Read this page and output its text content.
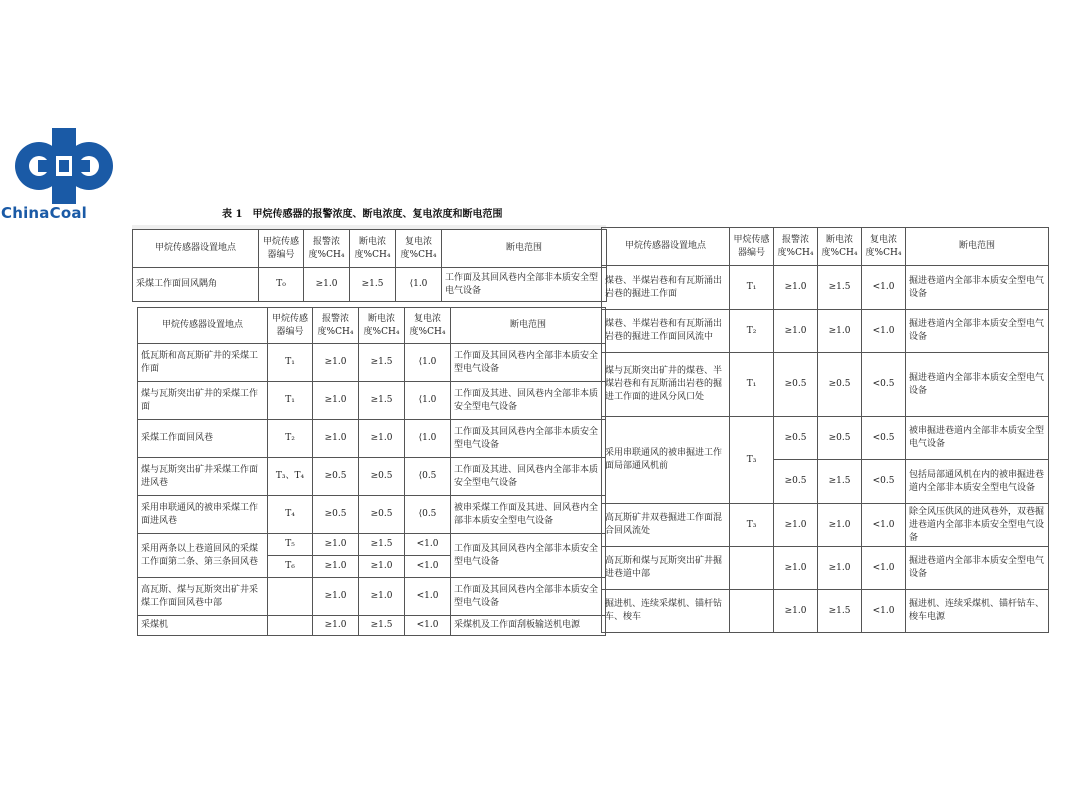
ChinaCoal	表 1　甲烷传感器的报警浓度、断电浓度、复电浓度和断电范围
甲烷传感器设置地点	甲烷传感器编号	报警浓度%CH₄	断电浓度%CH₄	复电浓度%CH₄	断电范围
采煤工作面回风隅角	T₀	≥1.0	≥1.5	⟨1.0	工作面及其回风巷内全部非本质安全型电气设备
甲烷传感器设置地点	甲烷传感器编号	报警浓度%CH₄	断电浓度%CH₄	复电浓度%CH₄	断电范围
低瓦斯和高瓦斯矿井的采煤工作面	T₁	≥1.0	≥1.5	⟨1.0	工作面及其回风巷内全部非本质安全型电气设备
煤与瓦斯突出矿井的采煤工作面	T₁	≥1.0	≥1.5	⟨1.0	工作面及其进、回风巷内全部非本质安全型电气设备
采煤工作面回风巷	T₂	≥1.0	≥1.0	⟨1.0	工作面及其回风巷内全部非本质安全型电气设备
煤与瓦斯突出矿井采煤工作面进风巷	T₃、T₄	≥0.5	≥0.5	⟨0.5	工作面及其进、回风巷内全部非本质安全型电气设备
采用串联通风的被串采煤工作面进风巷	T₄	≥0.5	≥0.5	⟨0.5	被串采煤工作面及其进、回风巷内全部非本质安全型电气设备
采用两条以上巷道回风的采煤工作面第二条、第三条回风巷	T₅	≥1.0	≥1.5	<1.0	工作面及其回风巷内全部非本质安全型电气设备
	T₆	≥1.0	≥1.0	<1.0	
高瓦斯、煤与瓦斯突出矿井采煤工作面回风巷中部		≥1.0	≥1.0	<1.0	工作面及其回风巷内全部非本质安全型电气设备
采煤机		≥1.0	≥1.5	<1.0	采煤机及工作面刮板输送机电源
甲烷传感器设置地点	甲烷传感器编号	报警浓度%CH₄	断电浓度%CH₄	复电浓度%CH₄	断电范围
煤巷、半煤岩巷和有瓦斯涌出岩巷的掘进工作面	T₁	≥1.0	≥1.5	<1.0	掘进巷道内全部非本质安全型电气设备
煤巷、半煤岩巷和有瓦斯涌出岩巷的掘进工作面回风流中	T₂	≥1.0	≥1.0	<1.0	掘进巷道内全部非本质安全型电气设备
煤与瓦斯突出矿井的煤巷、半煤岩巷和有瓦斯涌出岩巷的掘进工作面的进风分风口处	T₁	≥0.5	≥0.5	<0.5	掘进巷道内全部非本质安全型电气设备
采用串联通风的被串掘进工作面局部通风机前	T₃	≥0.5	≥0.5	<0.5	被串掘进巷道内全部非本质安全型电气设备
		≥0.5	≥1.5	<0.5	包括局部通风机在内的被串掘进巷道内全部非本质安全型电气设备
高瓦斯矿井双巷掘进工作面混合回风流处	T₃	≥1.0	≥1.0	<1.0	除全风压供风的进风巷外，双巷掘进巷道内全部非本质安全型电气设备
高瓦斯和煤与瓦斯突出矿井掘进巷道中部		≥1.0	≥1.0	<1.0	掘进巷道内全部非本质安全型电气设备
掘进机、连续采煤机、锚杆钻车、梭车		≥1.0	≥1.5	<1.0	掘进机、连续采煤机、锚杆钻车、梭车电源
